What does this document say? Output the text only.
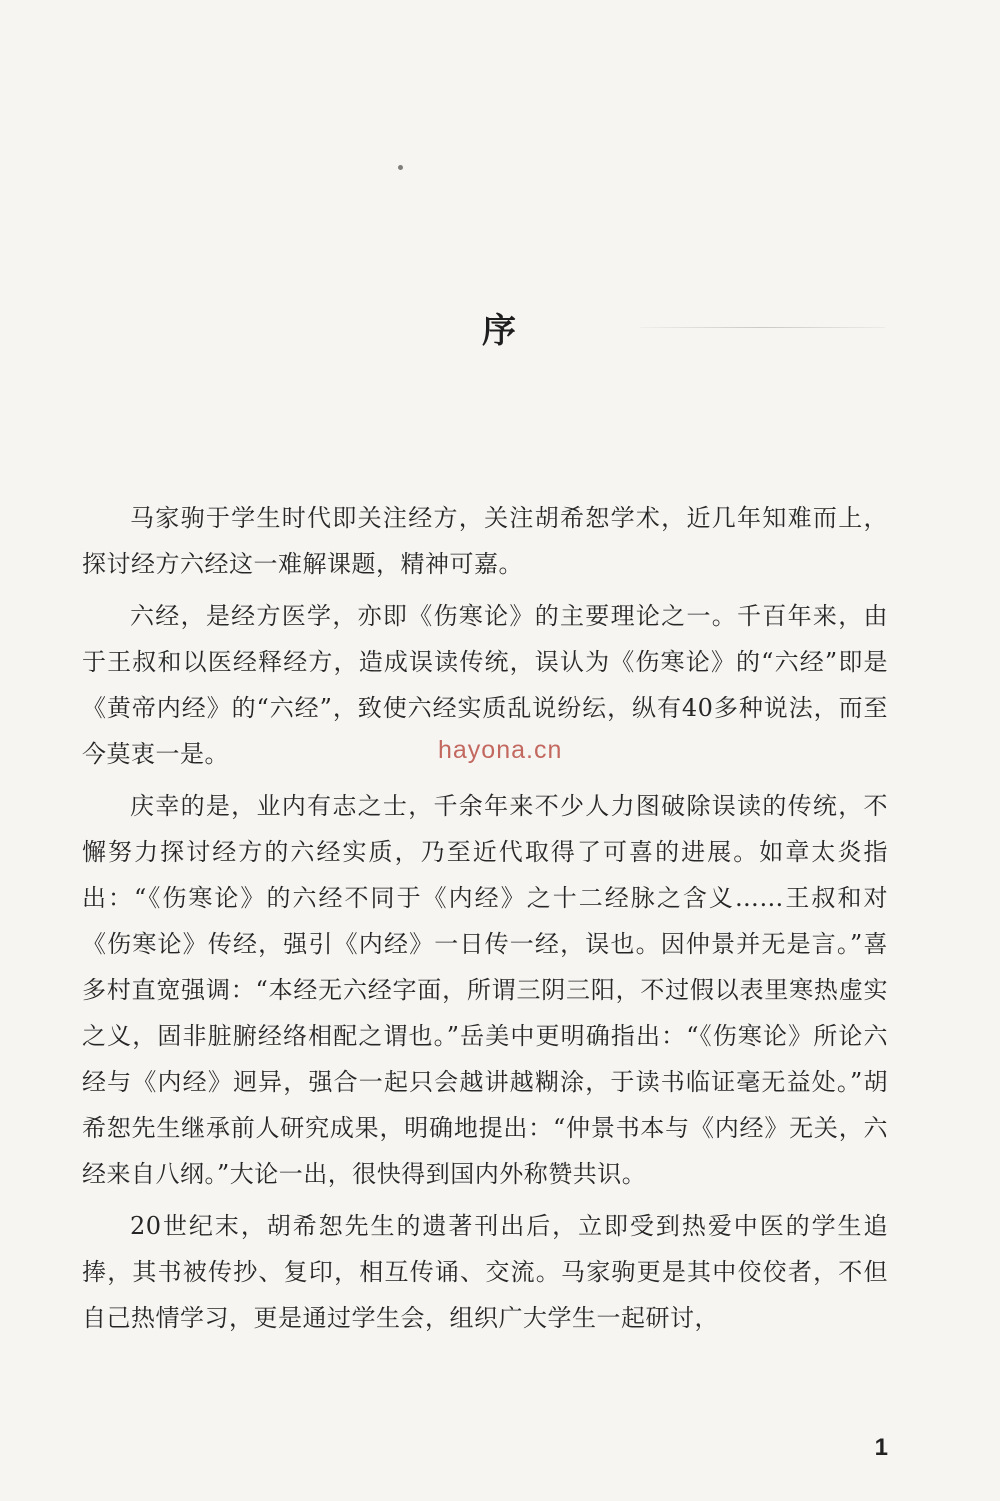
序

马家驹于学生时代即关注经方，关注胡希恕学术，近几年知难而上，探讨经方六经这一难解课题，精神可嘉。

六经，是经方医学，亦即《伤寒论》的主要理论之一。千百年来，由于王叔和以医经释经方，造成误读传统，误认为《伤寒论》的“六经”即是《黄帝内经》的“六经”，致使六经实质乱说纷纭，纵有40多种说法，而至今莫衷一是。

庆幸的是，业内有志之士，千余年来不少人力图破除误读的传统，不懈努力探讨经方的六经实质，乃至近代取得了可喜的进展。如章太炎指出：“《伤寒论》的六经不同于《内经》之十二经脉之含义……王叔和对《伤寒论》传经，强引《内经》一日传一经，误也。因仲景并无是言。”喜多村直宽强调：“本经无六经字面，所谓三阴三阳，不过假以表里寒热虚实之义，固非脏腑经络相配之谓也。”岳美中更明确指出：“《伤寒论》所论六经与《内经》迥异，强合一起只会越讲越糊涂，于读书临证毫无益处。”胡希恕先生继承前人研究成果，明确地提出：“仲景书本与《内经》无关，六经来自八纲。”大论一出，很快得到国内外称赞共识。

20世纪末，胡希恕先生的遗著刊出后，立即受到热爱中医的学生追捧，其书被传抄、复印，相互传诵、交流。马家驹更是其中佼佼者，不但自己热情学习，更是通过学生会，组织广大学生一起研讨，

hayona.cn
1
